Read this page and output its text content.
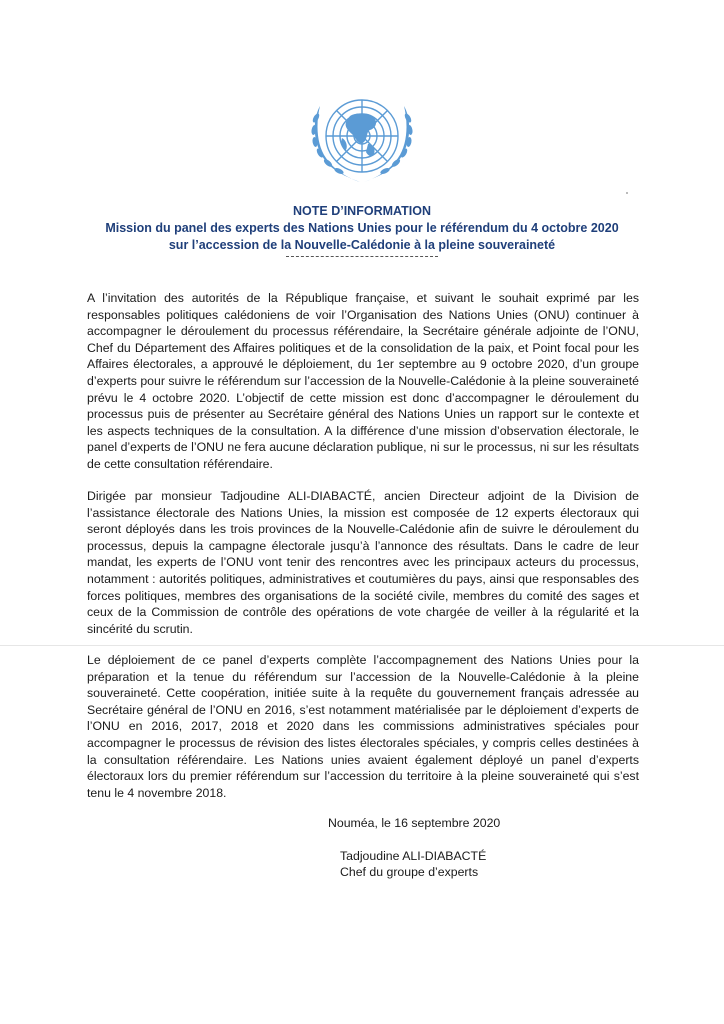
NOTE D’INFORMATION
Mission du panel des experts des Nations Unies pour le référendum du 4 octobre 2020
sur l’accession de la Nouvelle-Calédonie à la pleine souveraineté
A l’invitation des autorités de la République française, et suivant le souhait exprimé par les responsables politiques calédoniens de voir l’Organisation des Nations Unies (ONU) continuer à accompagner le déroulement du processus référendaire, la Secrétaire générale adjointe de l’ONU, Chef du Département des Affaires politiques et de la consolidation de la paix, et Point focal pour les Affaires électorales, a approuvé le déploiement, du 1er septembre au 9 octobre 2020, d’un groupe d’experts pour suivre le référendum sur l’accession de la Nouvelle-Calédonie à la pleine souveraineté prévu le 4 octobre 2020. L’objectif de cette mission est donc d’accompagner le déroulement du processus puis de présenter au Secrétaire général des Nations Unies un rapport sur le contexte et les aspects techniques de la consultation. A la différence d’une mission d’observation électorale, le panel d’experts de l’ONU ne fera aucune déclaration publique, ni sur le processus, ni sur les résultats de cette consultation référendaire.
Dirigée par monsieur Tadjoudine ALI-DIABACTÉ, ancien Directeur adjoint de la Division de l’assistance électorale des Nations Unies, la mission est composée de 12 experts électoraux qui seront déployés dans les trois provinces de la Nouvelle-Calédonie afin de suivre le déroulement du processus, depuis la campagne électorale jusqu’à l’annonce des résultats. Dans le cadre de leur mandat, les experts de l’ONU vont tenir des rencontres avec les principaux acteurs du processus, notamment : autorités politiques, administratives et coutumières du pays, ainsi que responsables des forces politiques, membres des organisations de la société civile, membres du comité des sages et ceux de la Commission de contrôle des opérations de vote chargée de veiller à la régularité et la sincérité du scrutin.
Le déploiement de ce panel d’experts complète l’accompagnement des Nations Unies pour la préparation et la tenue du référendum sur l’accession de la Nouvelle-Calédonie à la pleine souveraineté. Cette coopération, initiée suite à la requête du gouvernement français adressée au Secrétaire général de l’ONU en 2016, s’est notamment matérialisée par le déploiement d’experts de l’ONU en 2016, 2017, 2018 et 2020 dans les commissions administratives spéciales pour accompagner le processus de révision des listes électorales spéciales, y compris celles destinées à la consultation référendaire. Les Nations unies avaient également déployé un panel d’experts électoraux lors du premier référendum sur l’accession du territoire à la pleine souveraineté qui s’est tenu le 4 novembre 2018.
Nouméa, le 16 septembre 2020
Tadjoudine ALI-DIABACTÉ
Chef du groupe d’experts
